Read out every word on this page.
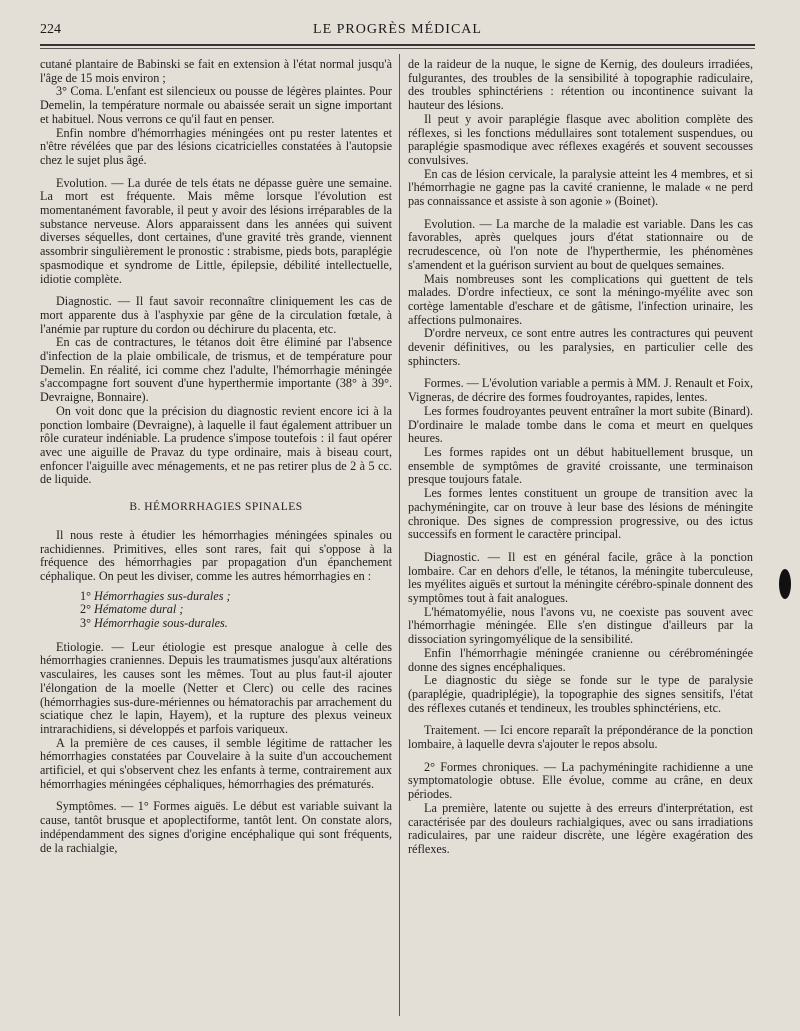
224	LE PROGRÈS MÉDICAL

cutané plantaire de Babinski se fait en extension à l'état normal jusqu'à l'âge de 15 mois environ ;

3° Coma. L'enfant est silencieux ou pousse de légères plaintes. Pour Demelin, la température normale ou abaissée serait un signe important et habituel. Nous verrons ce qu'il faut en penser.

Enfin nombre d'hémorrhagies méningées ont pu rester latentes et n'être révélées que par des lésions cicatricielles constatées à l'autopsie chez le sujet plus âgé.

Evolution. — La durée de tels états ne dépasse guère une semaine. La mort est fréquente. Mais même lorsque l'évolution est momentanément favorable, il peut y avoir des lésions irréparables de la substance nerveuse. Alors apparaissent dans les années qui suivent diverses séquelles, dont certaines, d'une gravité très grande, viennent assombrir singulièrement le pronostic : strabisme, pieds bots, paraplégie spasmodique et syndrome de Little, épilepsie, débilité intellectuelle, idiotie complète.

Diagnostic. — Il faut savoir reconnaître cliniquement les cas de mort apparente dus à l'asphyxie par gêne de la circulation fœtale, à l'anémie par rupture du cordon ou déchirure du placenta, etc.

En cas de contractures, le tétanos doit être éliminé par l'absence d'infection de la plaie ombilicale, de trismus, et de température pour Demelin. En réalité, ici comme chez l'adulte, l'hémorrhagie méningée s'accompagne fort souvent d'une hyperthermie importante (38° à 39°. Devraigne, Bonnaire).

On voit donc que la précision du diagnostic revient encore ici à la ponction lombaire (Devraigne), à laquelle il faut également attribuer un rôle curateur indéniable. La prudence s'impose toutefois : il faut opérer avec une aiguille de Pravaz du type ordinaire, mais à biseau court, enfoncer l'aiguille avec ménagements, et ne pas retirer plus de 2 à 5 cc. de liquide.

B. HÉMORRHAGIES SPINALES

Il nous reste à étudier les hémorrhagies méningées spinales ou rachidiennes. Primitives, elles sont rares, fait qui s'oppose à la fréquence des hémorrhagies par propagation d'un épanchement céphalique. On peut les diviser, comme les autres hémorrhagies en :

1° Hémorrhagies sus-durales ;
2° Hématome dural ;
3° Hémorrhagie sous-durales.

Etiologie. — Leur étiologie est presque analogue à celle des hémorrhagies craniennes. Depuis les traumatismes jusqu'aux altérations vasculaires, les causes sont les mêmes. Tout au plus faut-il ajouter l'élongation de la moelle (Netter et Clerc) ou celle des racines (hémorrhagies sus-dure-mériennes ou hématorachis par arrachement du sciatique chez le lapin, Hayem), et la rupture des plexus veineux intrarachidiens, si développés et parfois variqueux.

A la première de ces causes, il semble légitime de rattacher les hémorrhagies constatées par Couvelaire à la suite d'un accouchement artificiel, et qui s'observent chez les enfants à terme, contrairement aux hémorrhagies méningées céphaliques, hémorrhagies des prématurés.

Symptômes. — 1° Formes aiguës. Le début est variable suivant la cause, tantôt brusque et apoplectiforme, tantôt lent. On constate alors, indépendamment des signes d'origine encéphalique qui sont fréquents, de la rachialgie,

de la raideur de la nuque, le signe de Kernig, des douleurs irradiées, fulgurantes, des troubles de la sensibilité à topographie radiculaire, des troubles sphinctériens : rétention ou incontinence suivant la hauteur des lésions.

Il peut y avoir paraplégie flasque avec abolition complète des réflexes, si les fonctions médullaires sont totalement suspendues, ou paraplégie spasmodique avec réflexes exagérés et souvent secousses convulsives.

En cas de lésion cervicale, la paralysie atteint les 4 membres, et si l'hémorrhagie ne gagne pas la cavité cranienne, le malade « ne perd pas connaissance et assiste à son agonie » (Boinet).

Evolution. — La marche de la maladie est variable. Dans les cas favorables, après quelques jours d'état stationnaire ou de recrudescence, où l'on note de l'hyperthermie, les phénomènes s'amendent et la guérison survient au bout de quelques semaines.

Mais nombreuses sont les complications qui guettent de tels malades. D'ordre infectieux, ce sont la méningo-myélite avec son cortège lamentable d'eschare et de gâtisme, l'infection urinaire, les affections pulmonaires.

D'ordre nerveux, ce sont entre autres les contractures qui peuvent devenir définitives, ou les paralysies, en particulier celle des sphincters.

Formes. — L'évolution variable a permis à MM. J. Renault et Foix, Vigneras, de décrire des formes foudroyantes, rapides, lentes.

Les formes foudroyantes peuvent entraîner la mort subite (Binard). D'ordinaire le malade tombe dans le coma et meurt en quelques heures.

Les formes rapides ont un début habituellement brusque, un ensemble de symptômes de gravité croissante, une terminaison presque toujours fatale.

Les formes lentes constituent un groupe de transition avec la pachyméningite, car on trouve à leur base des lésions de méningite chronique. Des signes de compression progressive, ou des ictus successifs en forment le caractère principal.

Diagnostic. — Il est en général facile, grâce à la ponction lombaire. Car en dehors d'elle, le tétanos, la méningite tuberculeuse, les myélites aiguës et surtout la méningite cérébro-spinale donnent des symptômes tout à fait analogues.

L'hématomyélie, nous l'avons vu, ne coexiste pas souvent avec l'hémorrhagie méningée. Elle s'en distingue d'ailleurs par la dissociation syringomyélique de la sensibilité.

Enfin l'hémorrhagie méningée cranienne ou cérébroméningée donne des signes encéphaliques.

Le diagnostic du siège se fonde sur le type de paralysie (paraplégie, quadriplégie), la topographie des signes sensitifs, l'état des réflexes cutanés et tendineux, les troubles sphinctériens, etc.

Traitement. — Ici encore reparaît la prépondérance de la ponction lombaire, à laquelle devra s'ajouter le repos absolu.

2° Formes chroniques. — La pachyméningite rachidienne a une symptomatologie obtuse. Elle évolue, comme au crâne, en deux périodes.

La première, latente ou sujette à des erreurs d'interprétation, est caractérisée par des douleurs rachialgiques, avec ou sans irradiations radiculaires, par une raideur discrète, une légère exagération des réflexes.
